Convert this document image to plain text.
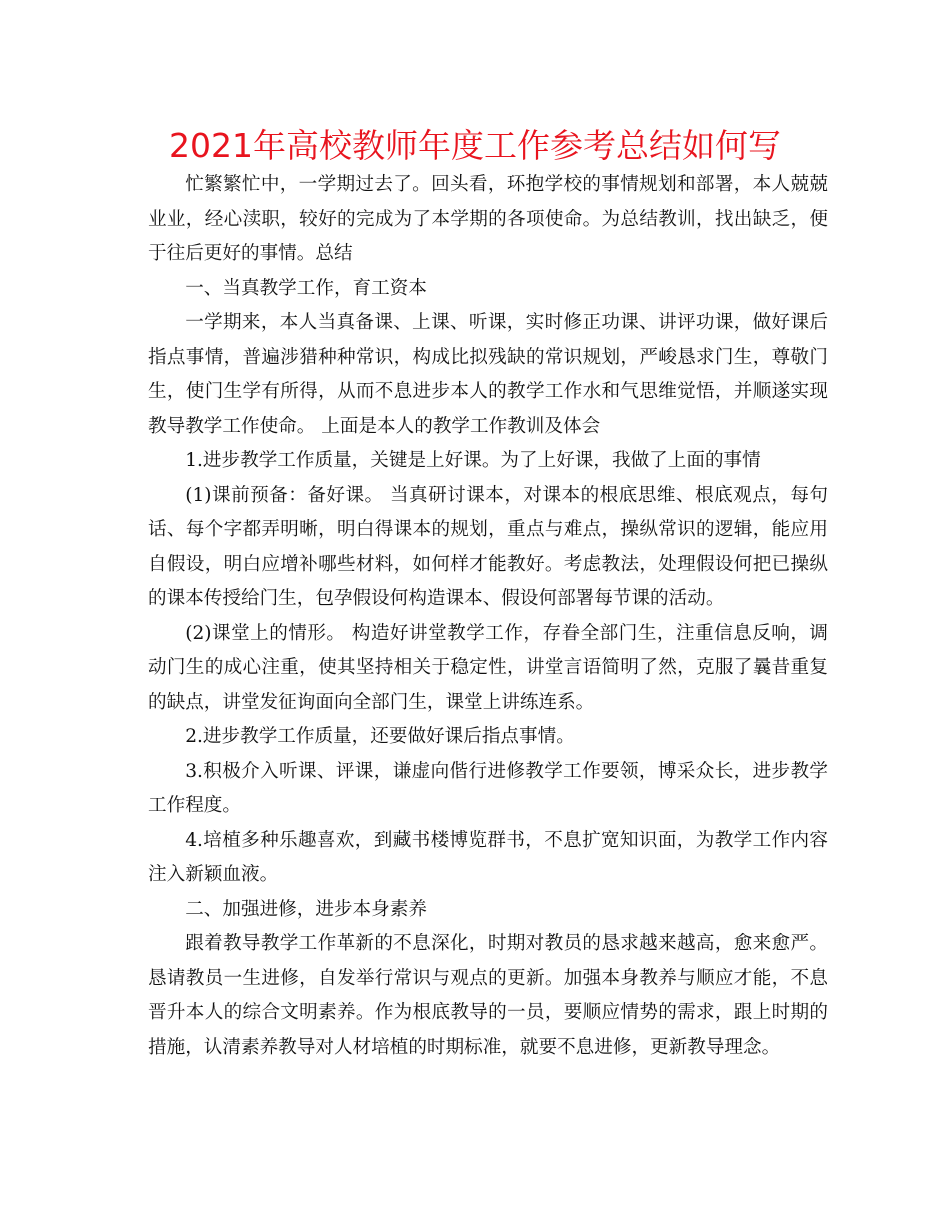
2021年高校教师年度工作参考总结如何写

忙繁繁忙中，一学期过去了。回头看，环抱学校的事情规划和部署，本人兢兢业业，经心渎职，较好的完成为了本学期的各项使命。为总结教训，找出缺乏，便于往后更好的事情。总结

一、当真教学工作，育工资本

一学期来，本人当真备课、上课、听课，实时修正功课、讲评功课，做好课后指点事情，普遍涉猎种种常识，构成比拟残缺的常识规划，严峻恳求门生，尊敬门生，使门生学有所得，从而不息进步本人的教学工作水和气思维觉悟，并顺遂实现教导教学工作使命。 上面是本人的教学工作教训及体会

1.进步教学工作质量，关键是上好课。为了上好课，我做了上面的事情

(1)课前预备：备好课。 当真研讨课本，对课本的根底思维、根底观点，每句话、每个字都弄明晰，明白得课本的规划，重点与难点，操纵常识的逻辑，能应用自假设，明白应增补哪些材料，如何样才能教好。考虑教法，处理假设何把已操纵的课本传授给门生，包孕假设何构造课本、假设何部署每节课的活动。

(2)课堂上的情形。 构造好讲堂教学工作，存眷全部门生，注重信息反响，调动门生的成心注重，使其坚持相关于稳定性，讲堂言语简明了然，克服了曩昔重复的缺点，讲堂发征询面向全部门生，课堂上讲练连系。

2.进步教学工作质量，还要做好课后指点事情。

3.积极介入听课、评课，谦虚向偕行进修教学工作要领，博采众长，进步教学工作程度。

4.培植多种乐趣喜欢，到藏书楼博览群书，不息扩宽知识面，为教学工作内容注入新颖血液。

二、加强进修，进步本身素养

跟着教导教学工作革新的不息深化，时期对教员的恳求越来越高，愈来愈严。恳请教员一生进修，自发举行常识与观点的更新。加强本身教养与顺应才能，不息晋升本人的综合文明素养。作为根底教导的一员，要顺应情势的需求，跟上时期的措施，认清素养教导对人材培植的时期标准，就要不息进修，更新教导理念。
